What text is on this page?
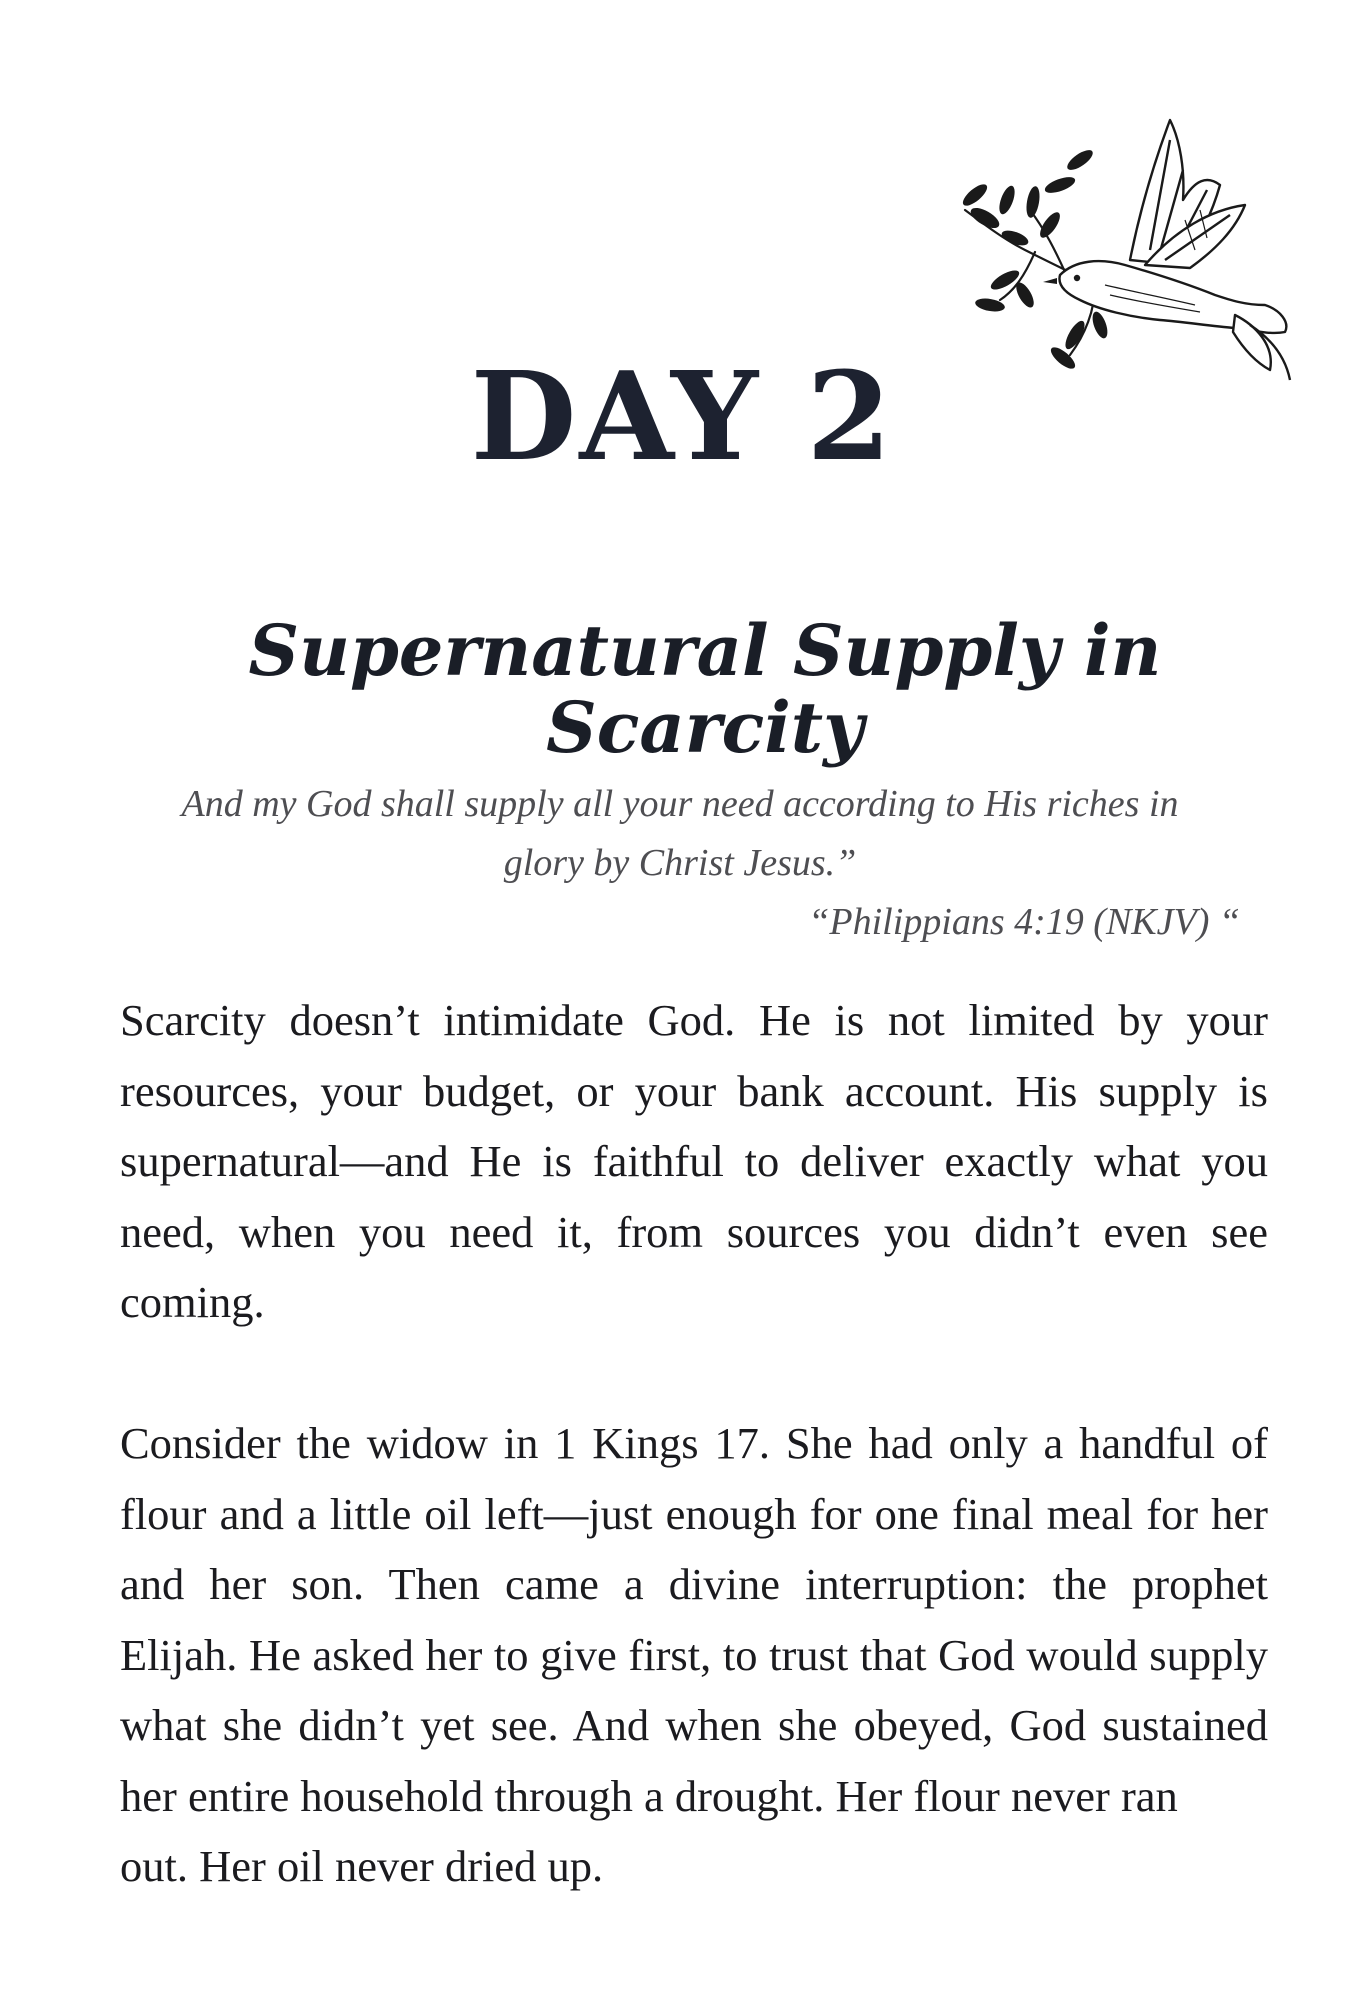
DAY 2
Supernatural Supply in Scarcity

And my God shall supply all your need according to His riches in glory by Christ Jesus.”

“Philippians 4:19 (NKJV) “

Scarcity doesn’t intimidate God. He is not limited by your resources, your budget, or your bank account. His supply is supernatural—and He is faithful to deliver exactly what you need, when you need it, from sources you didn’t even see coming.

Consider the widow in 1 Kings 17. She had only a handful of flour and a little oil left—just enough for one final meal for her and her son. Then came a divine interruption: the prophet Elijah. He asked her to give first, to trust that God would supply what she didn’t yet see. And when she obeyed, God sustained her entire household through a drought. Her flour never ran
out. Her oil never dried up.
